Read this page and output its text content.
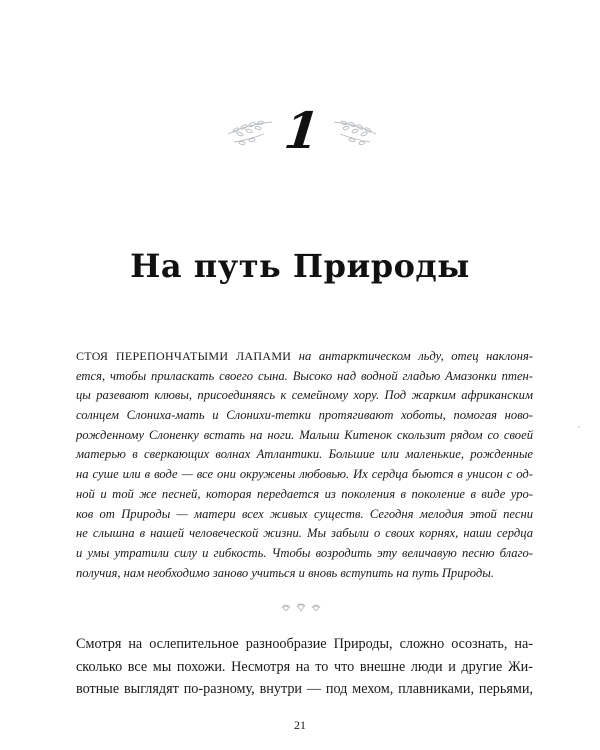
1
На путь Природы
СТОЯ ПЕРЕПОНЧАТЫМИ ЛАПАМИ на антарктическом льду, отец наклоня-
ется, чтобы приласкать своего сына. Высоко над водной гладью Амазонки птен-
цы разевают клювы, присоединяясь к семейному хору. Под жарким африканским
солнцем Слониха-мать и Слонихи-тетки протягивают хоботы, помогая ново-
рожденному Слоненку встать на ноги. Малыш Китенок скользит рядом со своей
матерью в сверкающих волнах Атлантики. Большие или маленькие, рожденные
на суше или в воде — все они окружены любовью. Их сердца бьются в унисон с од-
ной и той же песней, которая передается из поколения в поколение в виде уро-
ков от Природы — матери всех живых существ. Сегодня мелодия этой песни
не слышна в нашей человеческой жизни. Мы забыли о своих корнях, наши сердца
и умы утратили силу и гибкость. Чтобы возродить эту величавую песню благо-
получия, нам необходимо заново учиться и вновь вступить на путь Природы.
Смотря на ослепительное разнообразие Природы, сложно осознать, на-
сколько все мы похожи. Несмотря на то что внешне люди и другие Жи-
вотные выглядят по-разному, внутри — под мехом, плавниками, перьями,
21
